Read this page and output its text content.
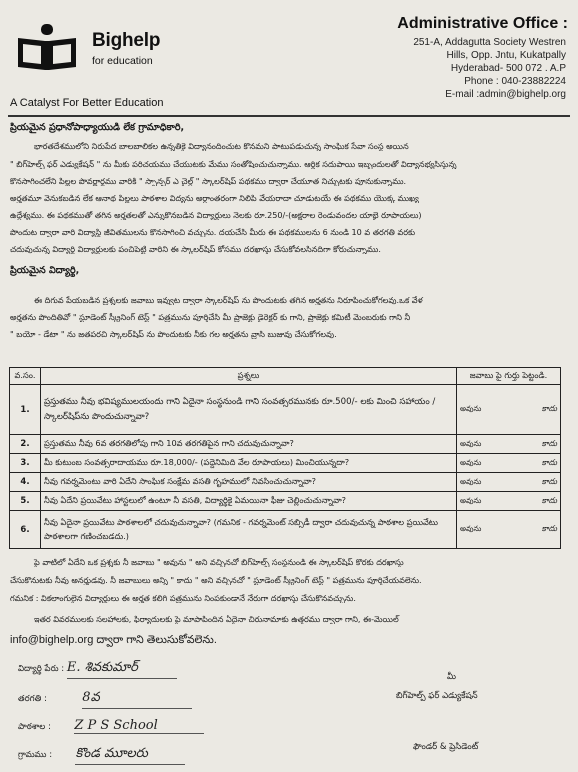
Bighelp
for education
A Catalyst For Better Education
Administrative Office :
251-A, Addagutta Society Westren
Hills, Opp. Jntu, Kukatpally
Hyderabad- 500 072 . A.P
Phone : 040-23882224
E-mail :admin@bighelp.org
ప్రియమైన ప్రధానోపాధ్యాయుడి లేక గ్రామాధికారి,
భారతదేశములోని నిరుపేద బాలబాలికల ఉన్నతికై విద్యానందించుట కొనమని పాటుపడుచున్న సాంఘిక సేవా సంస్థ అయిన
" బిగ్‌హెల్ప్ ఫర్ ఎడ్యుకేషన్ " ను మీకు పరిచయము చేయుటకు మేము సంతోషించుచున్నాము. ఆర్థిక సదుపాయి ఇబ్బందులతో విద్యానభ్యసిస్తున్న
కొనసాగించలేని పిల్లల పొవర్ణార్థము వారికి " స్పాన్సర్ ఎ చైల్డ్ " స్కాలర్‌షిప్ పథకము ద్వారా చేయూత నిచ్చుటకు పూనుకున్నాము.
అర్హతమూ వెనుకబడిన లేక ఆనాథ పిల్లలు పాఠశాల విద్యను అర్ధాంతరంగా నిలిపి వేయరాదా చూడుటయే ఈ పథకము యొక్క ముఖ్య
ఉద్దేశ్యము. ఈ పథకముతో తగిన అర్హతలతో ఎన్నుకొనబడిన విద్యార్థులు నెలకు రూ.250/-(అక్షరాల రెండువందల యాభై రూపాయలు)
పొందుట ద్వారా వారి విద్యాస్థి జీవితములను కొనసాగించి వచ్చును. దయచేసి మీరు ఈ పథకములను 6 నుండి 10 వ తరగతి వరకు
చదువుచున్న విద్యార్థి విద్యార్థులకు పంచిపెట్టి వారిని ఈ స్కాలర్‌షిప్ కోసము దరఖాస్తు చేసుకోవలసినదిగా కోరుచున్నాము.
ప్రియమైన విద్యార్థి,
ఈ దిగువ పేయబడిన ప్రశ్నలకు జవాబు ఇవ్వుట ద్వారా స్కాలర్‌షిప్ ను పొందుటకు తగిన అర్హతను నిరూపించుకోగలవు.ఒక వేళ
అర్హతను పొందితివో " స్టూడెంట్ స్క్రీనింగ్ టెస్ట్ " పత్రమును పూర్తిచేసి మీ ప్రాజెక్టు డైరెక్టర్ కు గాని, ప్రాజెక్టు కమిటీ మెంబరుకు గాని నీ
" బయో - డేటా " ను జతపరచి స్కాలర్‌షిప్ ను పొందుటకు నీకు గల అర్హతను వ్రాసి బుజువు చేసుకోగలవు.
వ.సం.	ప్రశ్నలు	జవాబు పై గుర్తు పెట్టండి.
1.	ప్రస్తుతము నీవు భవిష్యములయందు గాని ఏదైనా సంస్థనుండి గాని సంవత్సరమునకు రూ.500/- లకు మించి సహాయం / స్కాలర్‌షిప్‌ను పొందుచున్నావా?	అవును కాదు

2.	ప్రస్తుతము నీవు 6వ తరగతిలోపు గాని 10వ తరగతిపైన గాని చదువుచున్నావా?	అవును కాదు

3.	మీ కుటుంబ సంవత్సరాదాయము రూ.18,000/- (పద్దెనిమిది వేల రూపాయలు) మించియున్నదా?	అవును కాదు

4.	నీవు గవర్నమెంటు వారి ఏదేని సాంఘిక సంక్షేమ వసతి గృహములో నివసించుచున్నావా?	అవును కాదు

5.	నీవు ఏదేని ప్రయివేటు హాస్టలులో ఉంటూ నీ వసతి, విద్యార్థికై ఏమయినా ఫీజు చెల్లించుచున్నావా?	అవును కాదు

6.	నీవు ఏదైనా ప్రయివేటు పాఠశాలలో చదువుచున్నావా? (గమనిక - గవర్నమెంట్ సబ్సిడీ ద్వారా చదువుచున్న పాఠశాల ప్రయివేటు పాఠశాలగా గణించబడదు.)	అవును కాదు
పై వాటిలో ఏదేని ఒక ప్రశ్నకు నీ జవాబు " అవును " అని వచ్చినచో బిగ్‌హెల్ప్ సంస్థనుండి ఈ స్కాలర్‌షిప్ కొరకు దరఖాస్తు
చేసుకొనుటకు నీవు అనర్హుడవు. నీ జవాబులు అన్ని " కాదు " అని వచ్చినచో " స్టూడెంట్ స్క్రీనింగ్ టెస్ట్ " పత్రమును పూర్తిచేయవలెను.
గమనిక : వికలాంగులైన విద్యార్థులు ఈ అర్హత కలిగి పత్రమును నింపకుండానే నేరుగా దరఖాస్తు చేసుకొనవచ్చును.
ఇతర వివరములకు సలహాలకు, ఫిర్యాదులకు పై మాపాపిందిన ఏదైనా చిరునామాకు ఉత్తరము ద్వారా గాని, ఈ-మెయిల్
info@bighelp.org ద్వారా గాని తెలుసుకోవలెను.
విద్యార్థి పేరు : E. శివకుమార్
తరగతి :	8వ
పాఠశాల : Z P S School
గ్రామము : కొండ మూలరు
మీ
బిగ్‌హెల్ప్ ఫర్ ఎడ్యుకేషన్
ఫౌండర్ & ప్రెసిడెంట్
